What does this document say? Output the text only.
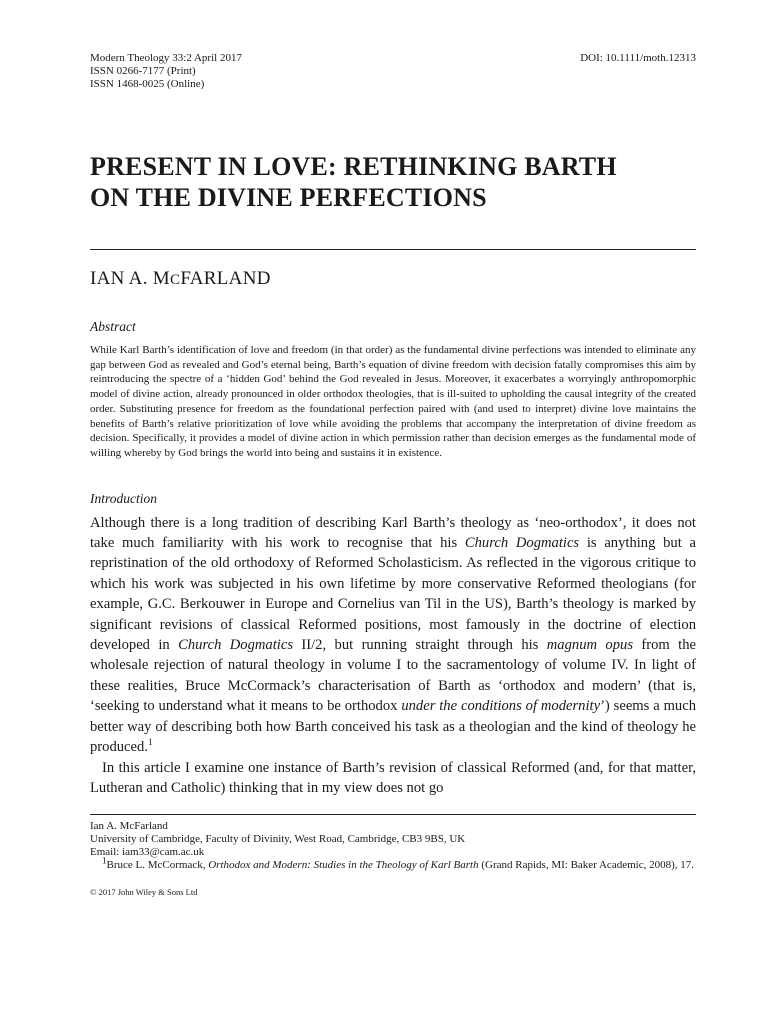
Modern Theology 33:2 April 2017
ISSN 0266-7177 (Print)
ISSN 1468-0025 (Online)
DOI: 10.1111/moth.12313
PRESENT IN LOVE: RETHINKING BARTH
ON THE DIVINE PERFECTIONS
IAN A. MCFARLAND
Abstract
While Karl Barth’s identification of love and freedom (in that order) as the fundamental divine perfections was intended to eliminate any gap between God as revealed and God’s eternal being, Barth’s equation of divine freedom with decision fatally compromises this aim by reintroducing the spectre of a ‘hidden God’ behind the God revealed in Jesus. Moreover, it exacerbates a worryingly anthropomorphic model of divine action, already pronounced in older orthodox theologies, that is ill-suited to upholding the causal integrity of the created order. Substituting presence for freedom as the foundational perfection paired with (and used to interpret) divine love maintains the benefits of Barth’s relative prioritization of love while avoiding the problems that accompany the interpretation of divine freedom as decision. Specifically, it provides a model of divine action in which permission rather than decision emerges as the fundamental mode of willing whereby by God brings the world into being and sustains it in existence.
Introduction

Although there is a long tradition of describing Karl Barth’s theology as ‘neo-orthodox’, it does not take much familiarity with his work to recognise that his Church Dogmatics is anything but a repristination of the old orthodoxy of Reformed Scholasticism. As reflected in the vigorous critique to which his work was subjected in his own lifetime by more conservative Reformed theologians (for example, G.C. Berkouwer in Europe and Cornelius van Til in the US), Barth’s theology is marked by significant revisions of classical Reformed positions, most famously in the doctrine of election developed in Church Dogmatics II/2, but running straight through his magnum opus from the wholesale rejection of natural theology in volume I to the sacramentology of volume IV. In light of these realities, Bruce McCormack’s characterisation of Barth as ‘orthodox and modern’ (that is, ‘seeking to understand what it means to be orthodox under the conditions of modernity’) seems a much better way of describing both how Barth conceived his task as a theologian and the kind of theology he produced.$^1$

In this article I examine one instance of Barth’s revision of classical Reformed (and, for that matter, Lutheran and Catholic) thinking that in my view does not go

Ian A. McFarland
University of Cambridge, Faculty of Divinity, West Road, Cambridge, CB3 9BS, UK
Email: iam33@cam.ac.uk
$^1$Bruce L. McCormack, Orthodox and Modern: Studies in the Theology of Karl Barth (Grand Rapids, MI: Baker Academic, 2008), 17.
© 2017 John Wiley & Sons Ltd
